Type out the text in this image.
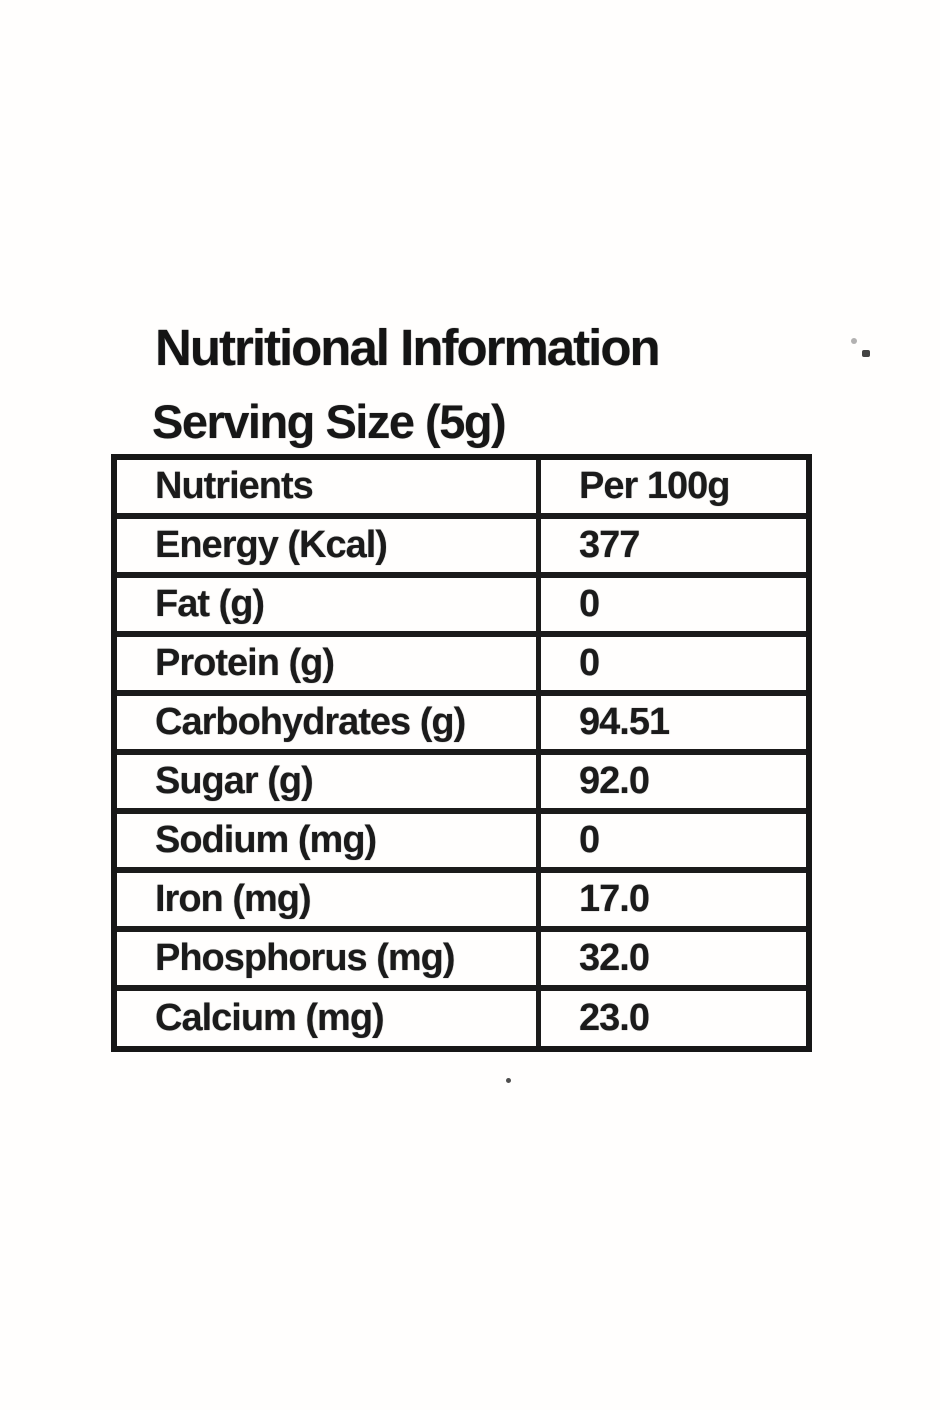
Nutritional Information
Serving Size (5g)
Nutrients	Per 100g
Energy (Kcal)	377
Fat (g)	0
Protein (g)	0
Carbohydrates (g)	94.51
Sugar (g)	92.0
Sodium (mg)	0
Iron (mg)	17.0
Phosphorus (mg)	32.0
Calcium (mg)	23.0
